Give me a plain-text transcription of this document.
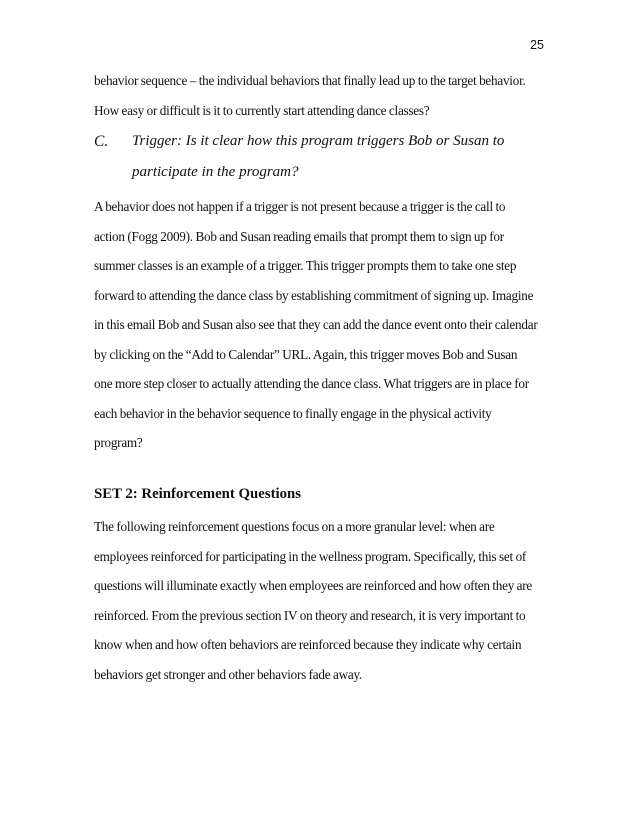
25
behavior sequence – the individual behaviors that finally lead up to the target behavior.
How easy or difficult is it to currently start attending dance classes?
C. Trigger: Is it clear how this program triggers Bob or Susan to
participate in the program?
A behavior does not happen if a trigger is not present because a trigger is the call to
action (Fogg 2009). Bob and Susan reading emails that prompt them to sign up for
summer classes is an example of a trigger. This trigger prompts them to take one step
forward to attending the dance class by establishing commitment of signing up. Imagine
in this email Bob and Susan also see that they can add the dance event onto their calendar
by clicking on the “Add to Calendar” URL. Again, this trigger moves Bob and Susan
one more step closer to actually attending the dance class. What triggers are in place for
each behavior in the behavior sequence to finally engage in the physical activity
program?
SET 2: Reinforcement Questions
The following reinforcement questions focus on a more granular level: when are
employees reinforced for participating in the wellness program. Specifically, this set of
questions will illuminate exactly when employees are reinforced and how often they are
reinforced. From the previous section IV on theory and research, it is very important to
know when and how often behaviors are reinforced because they indicate why certain
behaviors get stronger and other behaviors fade away.
